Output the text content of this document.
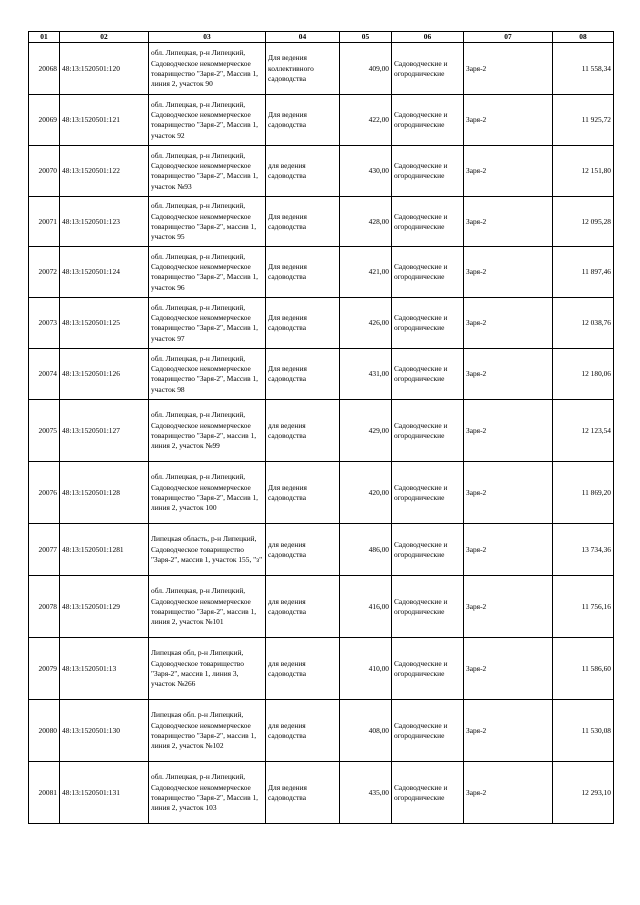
01	02	03	04	05	06	07	08
20068	48:13:1520501:120	обл. Липецкая, р-н Липецкий, Садоводческое некоммерческое товарищество "Заря-2", Массив 1, линия 2, участок 90	Для ведения коллективного садоводства	409,00	Садоводческие и огороднические	Заря-2	11 558,34
20069	48:13:1520501:121	обл. Липецкая, р-н Липецкий, Садоводческое некоммерческое товарищество "Заря-2", Массив 1, участок 92	Для ведения садоводства	422,00	Садоводческие и огороднические	Заря-2	11 925,72
20070	48:13:1520501:122	обл. Липецкая, р-н Липецкий, Садоводческое некоммерческое товарищество "Заря-2", Массив 1, участок №93	для ведения садоводства	430,00	Садоводческие и огороднические	Заря-2	12 151,80
20071	48:13:1520501:123	обл. Липецкая, р-н Липецкий, Садоводческое некоммерческое товарищество "Заря-2", массив 1, участок 95	Для ведения садоводства	428,00	Садоводческие и огороднические	Заря-2	12 095,28
20072	48:13:1520501:124	обл. Липецкая, р-н Липецкий, Садоводческое некоммерческое товарищество "Заря-2", Массив 1, участок 96	Для ведения садоводства	421,00	Садоводческие и огороднические	Заря-2	11 897,46
20073	48:13:1520501:125	обл. Липецкая, р-н Липецкий, Садоводческое некоммерческое товарищество "Заря-2", Массив 1, участок 97	Для ведения садоводства	426,00	Садоводческие и огороднические	Заря-2	12 038,76
20074	48:13:1520501:126	обл. Липецкая, р-н Липецкий, Садоводческое некоммерческое товарищество "Заря-2", Массив 1, участок 98	Для ведения садоводства	431,00	Садоводческие и огороднические	Заря-2	12 180,06
20075	48:13:1520501:127	обл. Липецкая, р-н Липецкий, Садоводческое некоммерческое товарищество "Заря-2", массив 1, линия 2, участок №99	для ведения садоводства	429,00	Садоводческие и огороднические	Заря-2	12 123,54
20076	48:13:1520501:128	обл. Липецкая, р-н Липецкий, Садоводческое некоммерческое товарищество "Заря-2", Массив 1, линия 2, участок 100	Для ведения садоводства	420,00	Садоводческие и огороднические	Заря-2	11 869,20
20077	48:13:1520501:1281	Липецкая область, р-н Липецкий, Садоводческое товарищество "Заря-2", массив 1, участок 155, "з"	для ведения садоводства	486,00	Садоводческие и огороднические	Заря-2	13 734,36
20078	48:13:1520501:129	обл. Липецкая, р-н Липецкий, Садоводческое некоммерческое товарищество "Заря-2", массив 1, линия 2, участок №101	для ведения садоводства	416,00	Садоводческие и огороднические	Заря-2	11 756,16
20079	48:13:1520501:13	Липецкая обл, р-н Липецкий, Садоводческое товарищество "Заря-2", массив 1, линия 3, участок №266	для ведения садоводства	410,00	Садоводческие и огороднические	Заря-2	11 586,60
20080	48:13:1520501:130	Липецкая обл. р-н Липецкий, Садоводческое некоммерческое товарищество "Заря-2", массив 1, линия 2, участок №102	для ведения садоводства	408,00	Садоводческие и огороднические	Заря-2	11 530,08
20081	48:13:1520501:131	обл. Липецкая, р-н Липецкий, Садоводческое некоммерческое товарищество "Заря-2", Массив 1, линия 2, участок 103	Для ведения садоводства	435,00	Садоводческие и огороднические	Заря-2	12 293,10
